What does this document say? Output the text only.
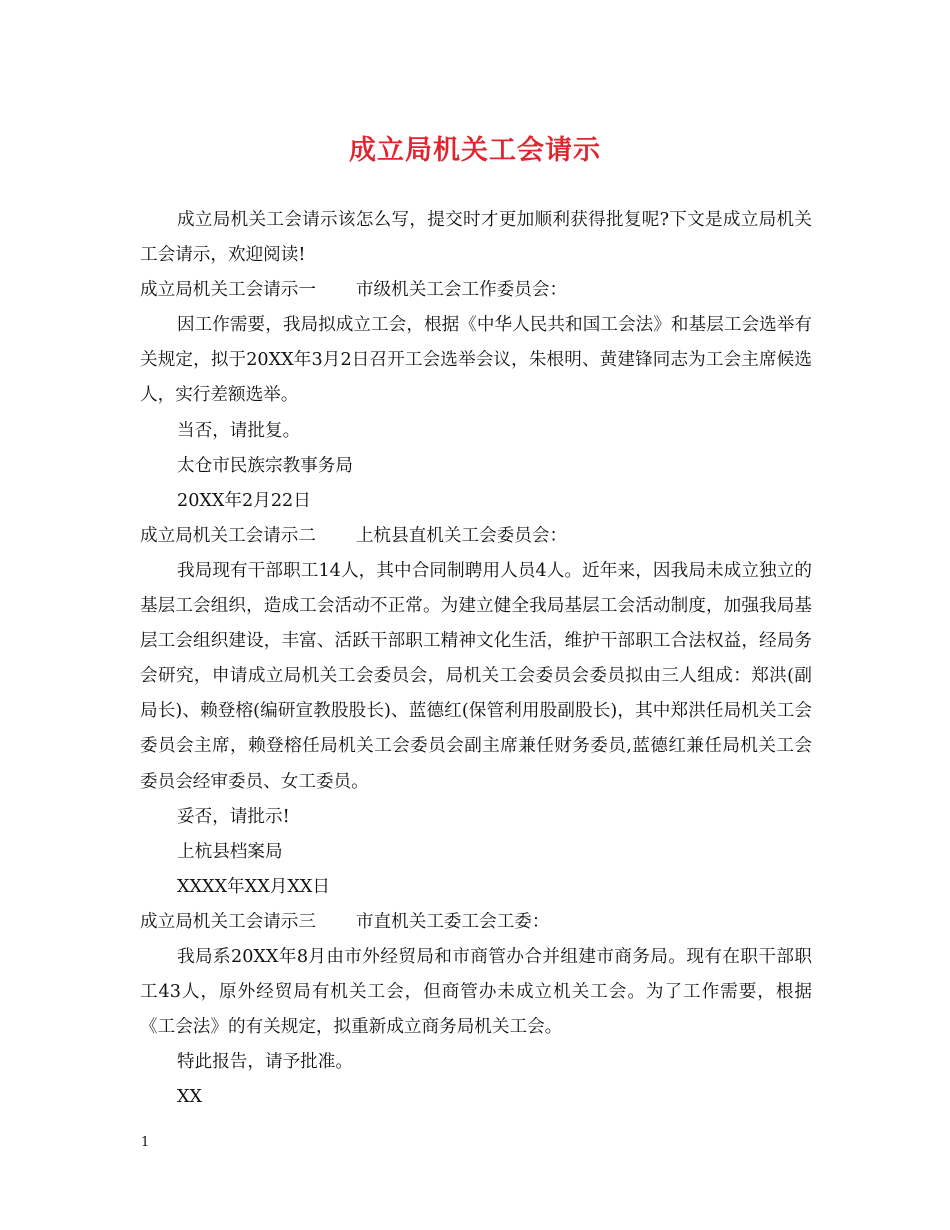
成立局机关工会请示

成立局机关工会请示该怎么写，提交时才更加顺利获得批复呢?下文是成立局机关工会请示，欢迎阅读!

成立局机关工会请示一 市级机关工会工作委员会：

因工作需要，我局拟成立工会，根据《中华人民共和国工会法》和基层工会选举有关规定，拟于20XX年3月2日召开工会选举会议，朱根明、黄建锋同志为工会主席候选人，实行差额选举。

当否，请批复。

太仓市民族宗教事务局

20XX年2月22日

成立局机关工会请示二 上杭县直机关工会委员会：

我局现有干部职工14人，其中合同制聘用人员4人。近年来，因我局未成立独立的基层工会组织，造成工会活动不正常。为建立健全我局基层工会活动制度，加强我局基层工会组织建设，丰富、活跃干部职工精神文化生活，维护干部职工合法权益，经局务会研究，申请成立局机关工会委员会，局机关工会委员会委员拟由三人组成：郑洪(副局长)、赖登榕(编研宣教股股长)、蓝德红(保管利用股副股长)，其中郑洪任局机关工会委员会主席，赖登榕任局机关工会委员会副主席兼任财务委员,蓝德红兼任局机关工会委员会经审委员、女工委员。

妥否，请批示!

上杭县档案局

XXXX年XX月XX日

成立局机关工会请示三 市直机关工委工会工委：

我局系20XX年8月由市外经贸局和市商管办合并组建市商务局。现有在职干部职工43人，原外经贸局有机关工会，但商管办未成立机关工会。为了工作需要，根据《工会法》的有关规定，拟重新成立商务局机关工会。

特此报告，请予批准。

XX

1
